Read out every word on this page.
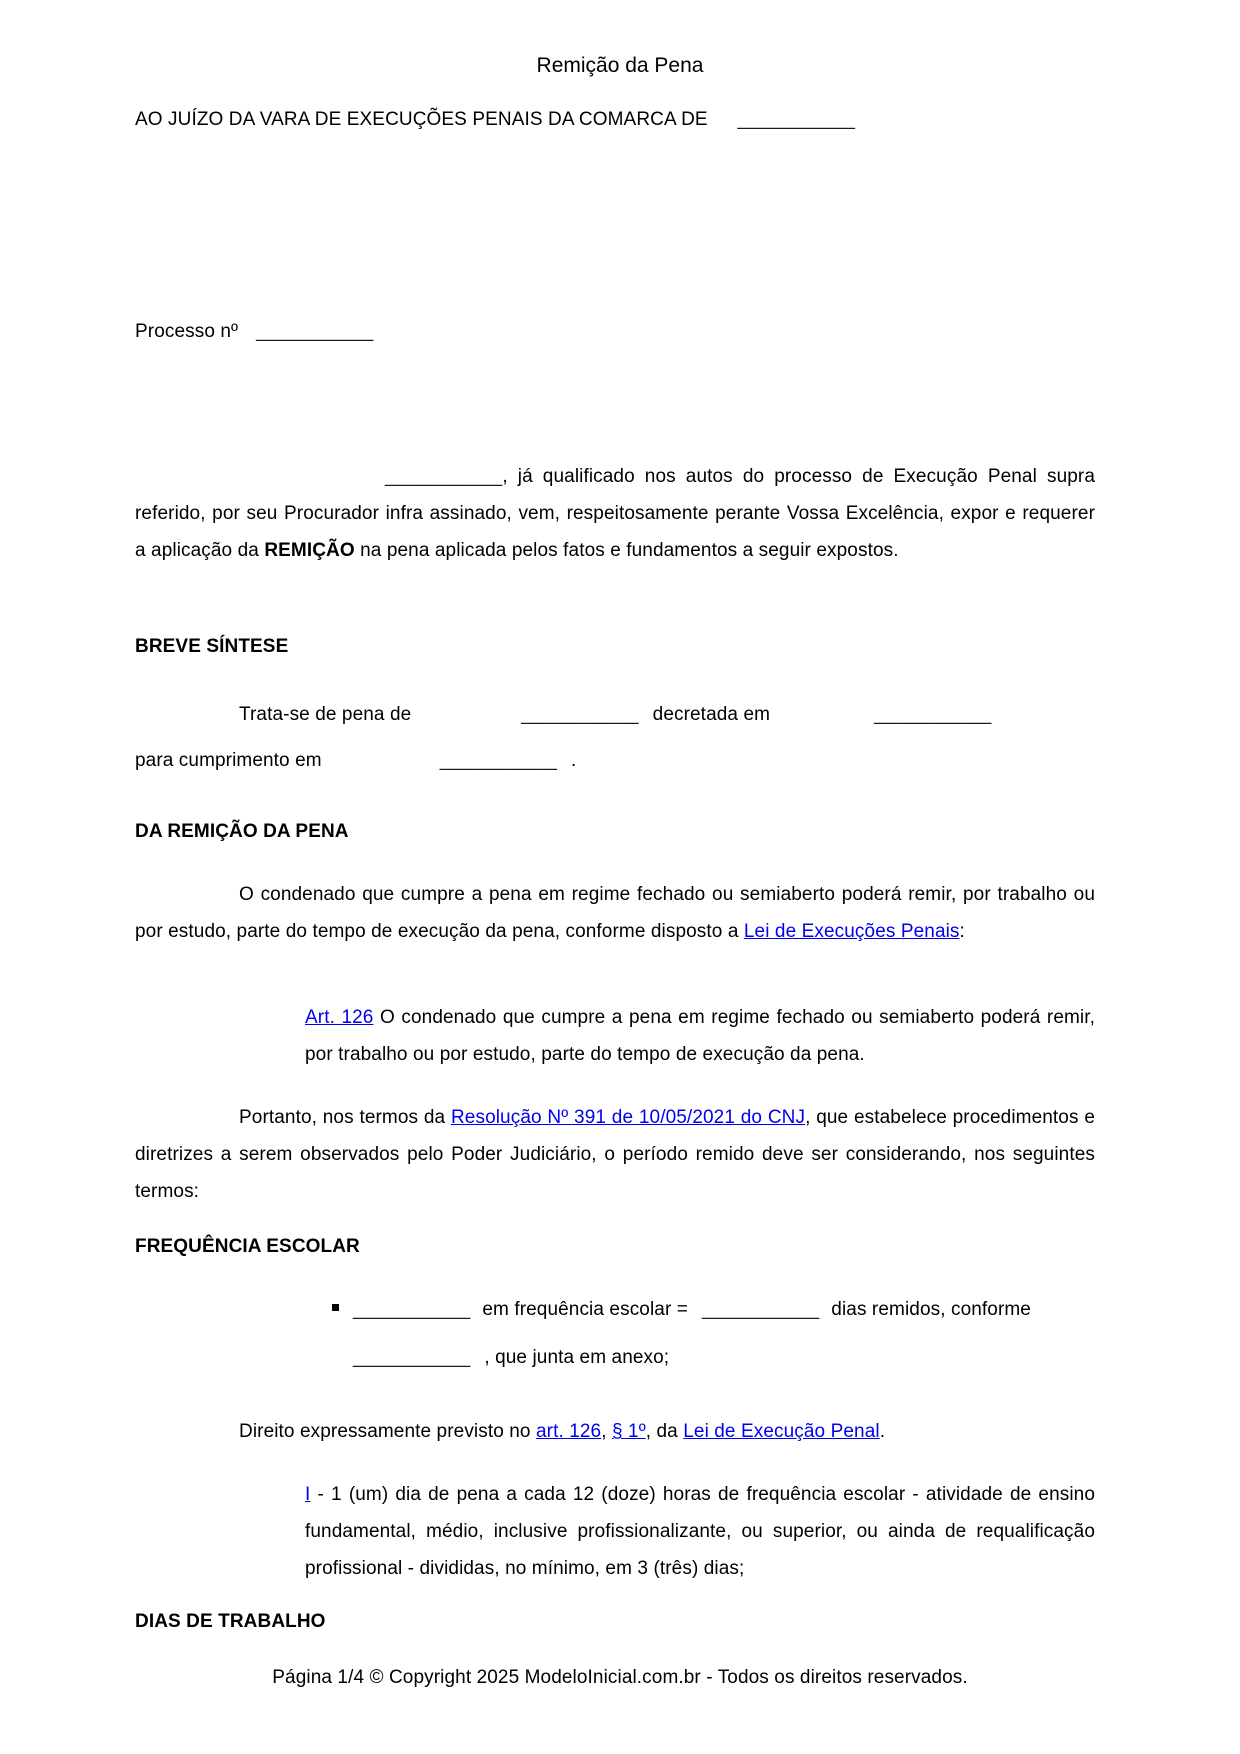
Remição da Pena
AO JUÍZO DA VARA DE EXECUÇÕES PENAIS DA COMARCA DE ___________
Processo nº ___________

___________, já qualificado nos autos do processo de Execução Penal supra referido, por seu Procurador infra assinado, vem, respeitosamente perante Vossa Excelência, expor e requerer a aplicação da REMIÇÃO na pena aplicada pelos fatos e fundamentos a seguir expostos.

BREVE SÍNTESE
Trata-se de pena de	___________ decretada em	___________
para cumprimento em	___________ .
DA REMIÇÃO DA PENA

O condenado que cumpre a pena em regime fechado ou semiaberto poderá remir, por trabalho ou por estudo, parte do tempo de execução da pena, conforme disposto a Lei de Execuções Penais:

Art. 126 O condenado que cumpre a pena em regime fechado ou semiaberto poderá remir, por trabalho ou por estudo, parte do tempo de execução da pena.

Portanto, nos termos da Resolução Nº 391 de 10/05/2021 do CNJ, que estabelece procedimentos e diretrizes a serem observados pelo Poder Judiciário, o período remido deve ser considerando, nos seguintes termos:

FREQUÊNCIA ESCOLAR
___________ em frequência escolar = ___________ dias remidos, conforme
___________ , que junta em anexo;

Direito expressamente previsto no art. 126, § 1º, da Lei de Execução Penal.

I - 1 (um) dia de pena a cada 12 (doze) horas de frequência escolar - atividade de ensino fundamental, médio, inclusive profissionalizante, ou superior, ou ainda de requalificação profissional - divididas, no mínimo, em 3 (três) dias;

DIAS DE TRABALHO
Página 1/4 © Copyright 2025 ModeloInicial.com.br - Todos os direitos reservados.
